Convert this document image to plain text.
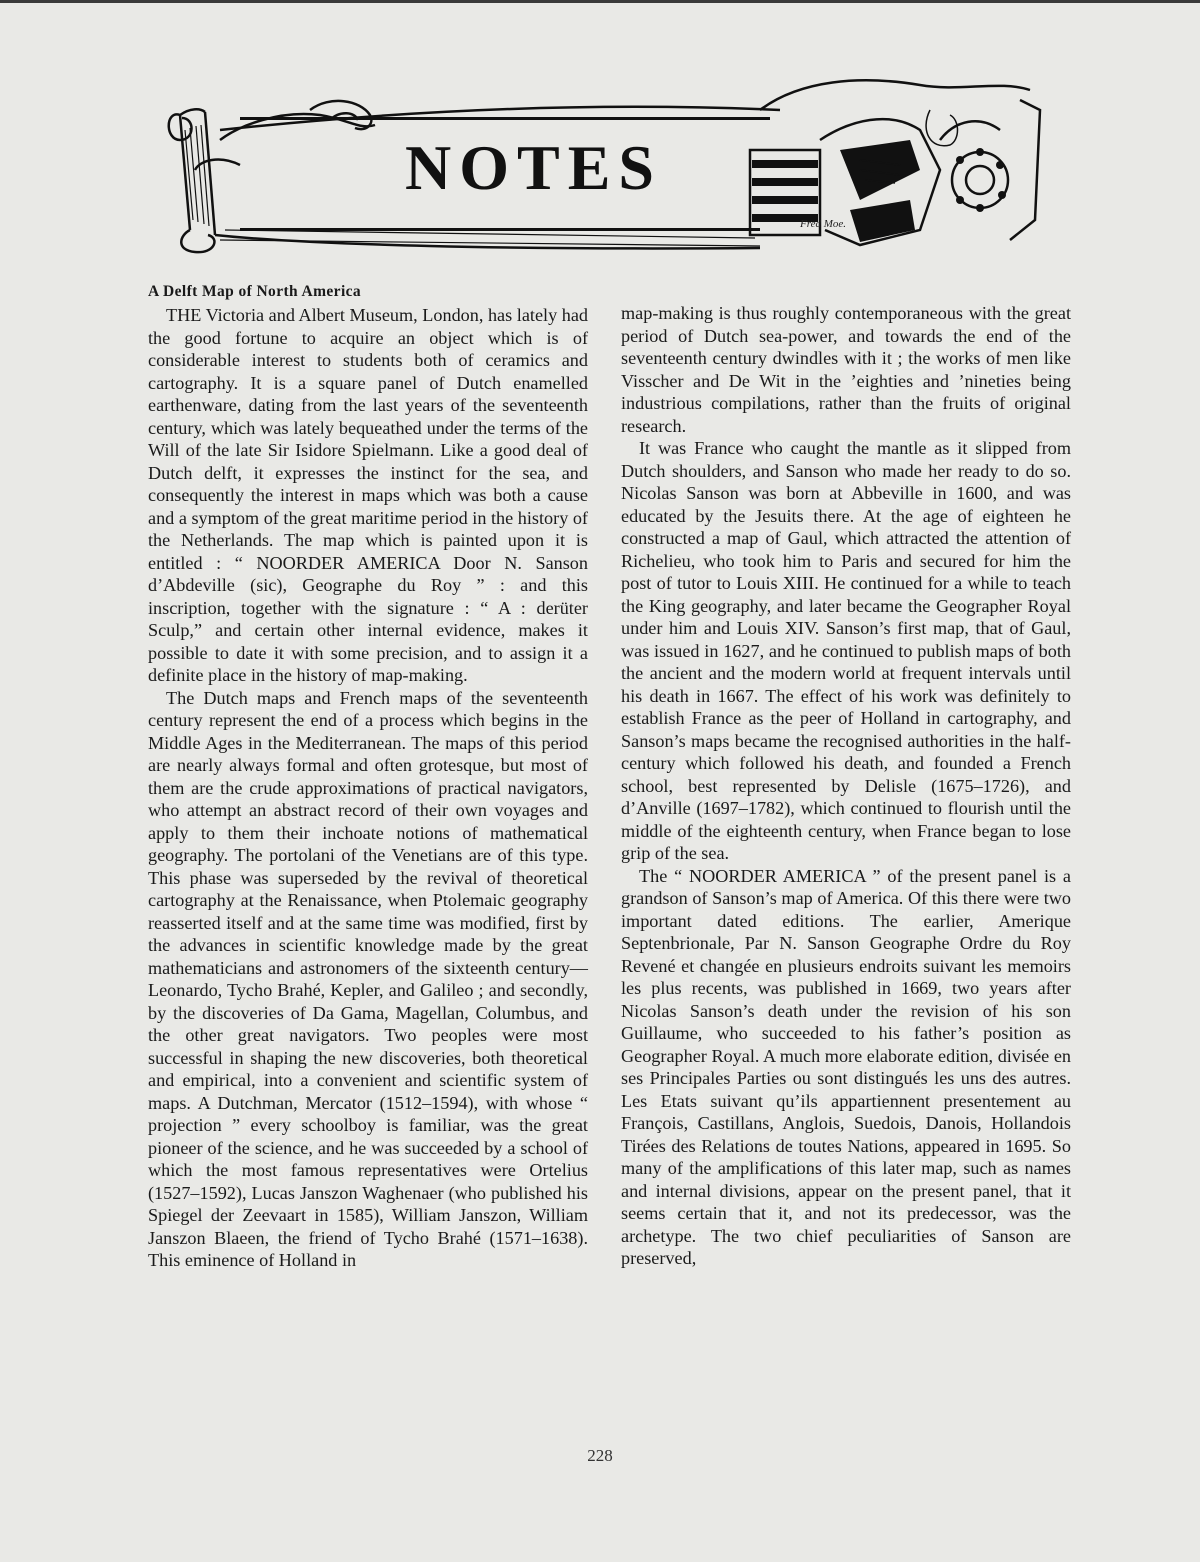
NOTES
Fred Moe.
A Delft Map of North America

THE Victoria and Albert Museum, London, has lately had the good fortune to acquire an object which is of considerable interest to students both of ceramics and cartography. It is a square panel of Dutch enamelled earthenware, dating from the last years of the seventeenth century, which was lately bequeathed under the terms of the Will of the late Sir Isidore Spielmann. Like a good deal of Dutch delft, it expresses the instinct for the sea, and consequently the interest in maps which was both a cause and a symptom of the great maritime period in the history of the Netherlands. The map which is painted upon it is entitled : “ NOORDER AMERICA Door N. Sanson d’Abdeville (sic), Geographe du Roy ” : and this inscription, together with the signature : “ A : derüter Sculp,” and certain other internal evidence, makes it possible to date it with some precision, and to assign it a definite place in the history of map-making.

The Dutch maps and French maps of the seventeenth century represent the end of a process which begins in the Middle Ages in the Mediterranean. The maps of this period are nearly always formal and often grotesque, but most of them are the crude approximations of practical navigators, who attempt an abstract record of their own voyages and apply to them their inchoate notions of mathematical geography. The portolani of the Venetians are of this type. This phase was superseded by the revival of theoretical cartography at the Renaissance, when Ptolemaic geography reasserted itself and at the same time was modified, first by the advances in scientific knowledge made by the great mathematicians and astronomers of the sixteenth century—Leonardo, Tycho Brahé, Kepler, and Galileo ; and secondly, by the discoveries of Da Gama, Magellan, Columbus, and the other great navigators. Two peoples were most successful in shaping the new discoveries, both theoretical and empirical, into a convenient and scientific system of maps. A Dutchman, Mercator (1512–1594), with whose “ projection ” every schoolboy is familiar, was the great pioneer of the science, and he was succeeded by a school of which the most famous representatives were Ortelius (1527–1592), Lucas Janszon Waghenaer (who published his Spiegel der Zeevaart in 1585), William Janszon, William Janszon Blaeen, the friend of Tycho Brahé (1571–1638). This eminence of Holland in

map-making is thus roughly contemporaneous with the great period of Dutch sea-power, and towards the end of the seventeenth century dwindles with it ; the works of men like Visscher and De Wit in the ’eighties and ’nineties being industrious compilations, rather than the fruits of original research.

It was France who caught the mantle as it slipped from Dutch shoulders, and Sanson who made her ready to do so. Nicolas Sanson was born at Abbeville in 1600, and was educated by the Jesuits there. At the age of eighteen he constructed a map of Gaul, which attracted the attention of Richelieu, who took him to Paris and secured for him the post of tutor to Louis XIII. He continued for a while to teach the King geography, and later became the Geographer Royal under him and Louis XIV. Sanson’s first map, that of Gaul, was issued in 1627, and he continued to publish maps of both the ancient and the modern world at frequent intervals until his death in 1667. The effect of his work was definitely to establish France as the peer of Holland in cartography, and Sanson’s maps became the recognised authorities in the half-century which followed his death, and founded a French school, best represented by Delisle (1675–1726), and d’Anville (1697–1782), which continued to flourish until the middle of the eighteenth century, when France began to lose grip of the sea.

The “ NOORDER AMERICA ” of the present panel is a grandson of Sanson’s map of America. Of this there were two important dated editions. The earlier, Amerique Septenbrionale, Par N. Sanson Geographe Ordre du Roy Revené et changée en plusieurs endroits suivant les memoirs les plus recents, was published in 1669, two years after Nicolas Sanson’s death under the revision of his son Guillaume, who succeeded to his father’s position as Geographer Royal. A much more elaborate edition, divisée en ses Principales Parties ou sont distingués les uns des autres. Les Etats suivant qu’ils appartiennent presentement au François, Castillans, Anglois, Suedois, Danois, Hollandois Tirées des Relations de toutes Nations, appeared in 1695. So many of the amplifications of this later map, such as names and internal divisions, appear on the present panel, that it seems certain that it, and not its predecessor, was the archetype. The two chief peculiarities of Sanson are preserved,

228
